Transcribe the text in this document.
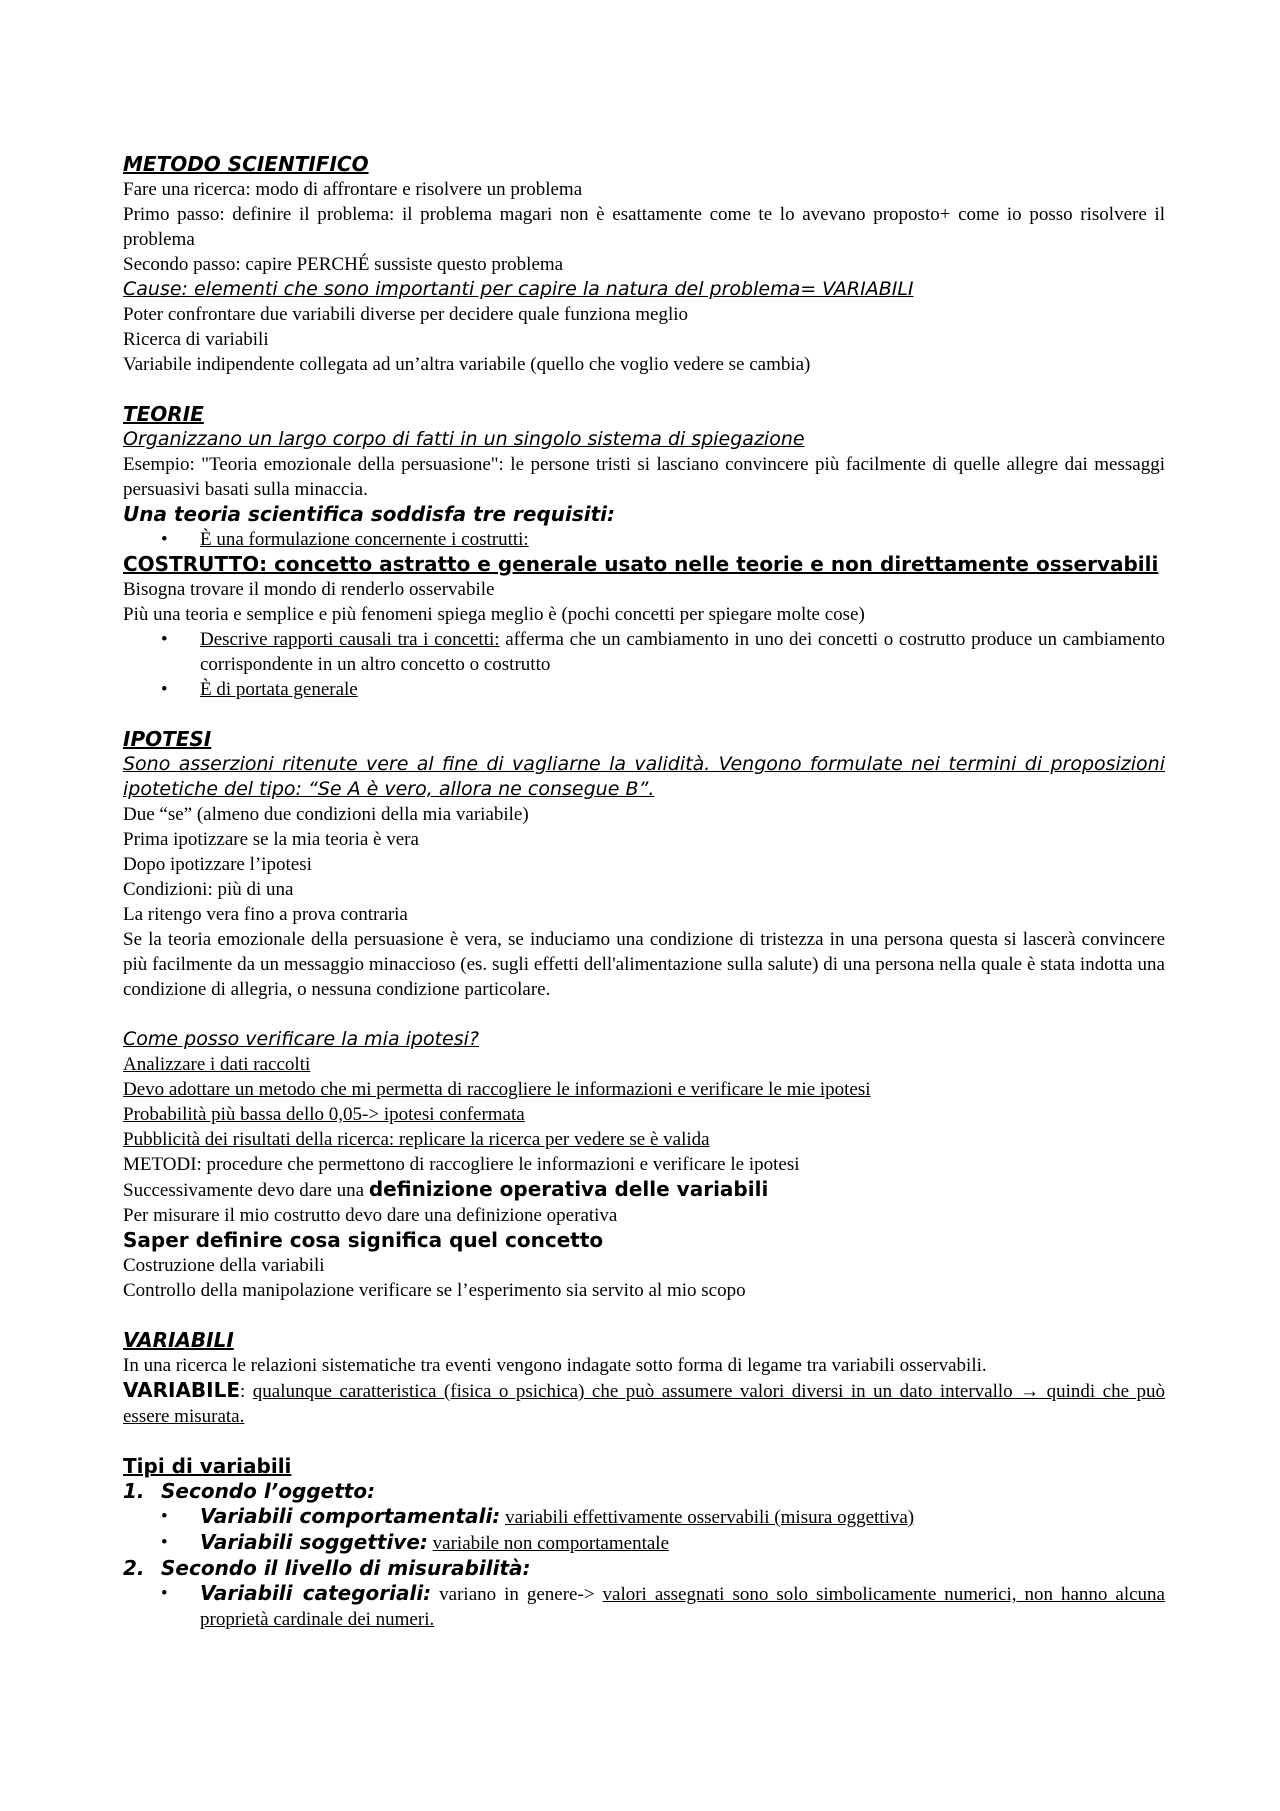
METODO SCIENTIFICO

Fare una ricerca: modo di affrontare e risolvere un problema

Primo passo: definire il problema: il problema magari non è esattamente come te lo avevano proposto+ come io posso risolvere il problema

Secondo passo: capire PERCHÉ sussiste questo problema

Cause: elementi che sono importanti per capire la natura del problema= VARIABILI

Poter confrontare due variabili diverse per decidere quale funziona meglio

Ricerca di variabili

Variabile indipendente collegata ad un’altra variabile (quello che voglio vedere se cambia)

TEORIE

Organizzano un largo corpo di fatti in un singolo sistema di spiegazione

Esempio: "Teoria emozionale della persuasione": le persone tristi si lasciano convincere più facilmente di quelle allegre dai messaggi persuasivi basati sulla minaccia.

Una teoria scientifica soddisfa tre requisiti:

• È una formulazione concernente i costrutti:

COSTRUTTO: concetto astratto e generale usato nelle teorie e non direttamente osservabili

Bisogna trovare il mondo di renderlo osservabile

Più una teoria e semplice e più fenomeni spiega meglio è (pochi concetti per spiegare molte cose)

• Descrive rapporti causali tra i concetti: afferma che un cambiamento in uno dei concetti o costrutto produce un cambiamento corrispondente in un altro concetto o costrutto

• È di portata generale

IPOTESI

Sono asserzioni ritenute vere al fine di vagliarne la validità. Vengono formulate nei termini di proposizioni ipotetiche del tipo: “Se A è vero, allora ne consegue B”.

Due “se” (almeno due condizioni della mia variabile)

Prima ipotizzare se la mia teoria è vera

Dopo ipotizzare l’ipotesi

Condizioni: più di una

La ritengo vera fino a prova contraria

Se la teoria emozionale della persuasione è vera, se induciamo una condizione di tristezza in una persona questa si lascerà convincere più facilmente da un messaggio minaccioso (es. sugli effetti dell'alimentazione sulla salute) di una persona nella quale è stata indotta una condizione di allegria, o nessuna condizione particolare.

Come posso verificare la mia ipotesi?

Analizzare i dati raccolti

Devo adottare un metodo che mi permetta di raccogliere le informazioni e verificare le mie ipotesi

Probabilità più bassa dello 0,05-> ipotesi confermata

Pubblicità dei risultati della ricerca: replicare la ricerca per vedere se è valida

METODI: procedure che permettono di raccogliere le informazioni e verificare le ipotesi

Successivamente devo dare una definizione operativa delle variabili

Per misurare il mio costrutto devo dare una definizione operativa

Saper definire cosa significa quel concetto

Costruzione della variabili

Controllo della manipolazione verificare se l’esperimento sia servito al mio scopo

VARIABILI

In una ricerca le relazioni sistematiche tra eventi vengono indagate sotto forma di legame tra variabili osservabili.

VARIABILE: qualunque caratteristica (fisica o psichica) che può assumere valori diversi in un dato intervallo → quindi che può essere misurata.

Tipi di variabili

1. Secondo l’oggetto:

• Variabili comportamentali: variabili effettivamente osservabili (misura oggettiva)

• Variabili soggettive: variabile non comportamentale

2. Secondo il livello di misurabilità:

• Variabili categoriali: variano in genere-> valori assegnati sono solo simbolicamente numerici, non hanno alcuna proprietà cardinale dei numeri.
